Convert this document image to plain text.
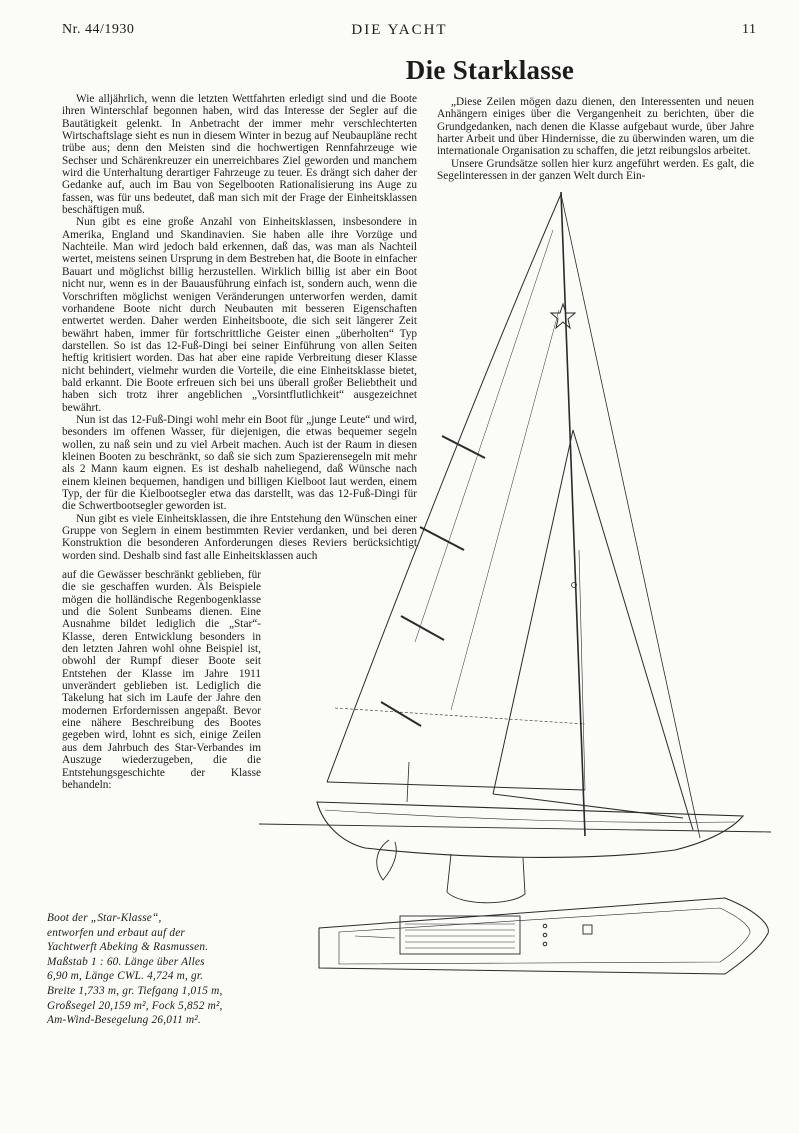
Nr. 44/1930	DIE YACHT	11
Die Starklasse

Wie alljährlich, wenn die letzten Wettfahrten erledigt sind und die Boote ihren Winterschlaf begonnen haben, wird das Interesse der Segler auf die Bautätigkeit gelenkt. In Anbetracht der immer mehr verschlechterten Wirtschaftslage sieht es nun in diesem Winter in bezug auf Neubaupläne recht trübe aus; denn den Meisten sind die hochwertigen Rennfahrzeuge wie Sechser und Schärenkreuzer ein unerreichbares Ziel geworden und manchem wird die Unterhaltung derartiger Fahrzeuge zu teuer. Es drängt sich daher der Gedanke auf, auch im Bau von Segelbooten Rationalisierung ins Auge zu fassen, was für uns bedeutet, daß man sich mit der Frage der Einheitsklassen beschäftigen muß.

Nun gibt es eine große Anzahl von Einheitsklassen, insbesondere in Amerika, England und Skandinavien. Sie haben alle ihre Vorzüge und Nachteile. Man wird jedoch bald erkennen, daß das, was man als Nachteil wertet, meistens seinen Ursprung in dem Bestreben hat, die Boote in einfacher Bauart und möglichst billig herzustellen. Wirklich billig ist aber ein Boot nicht nur, wenn es in der Bauausführung einfach ist, sondern auch, wenn die Vorschriften möglichst wenigen Veränderungen unterworfen werden, damit vorhandene Boote nicht durch Neubauten mit besseren Eigenschaften entwertet werden. Daher werden Einheitsboote, die sich seit längerer Zeit bewährt haben, immer für fortschrittliche Geister einen „überholten“ Typ darstellen. So ist das 12-Fuß-Dingi bei seiner Einführung von allen Seiten heftig kritisiert worden. Das hat aber eine rapide Verbreitung dieser Klasse nicht behindert, vielmehr wurden die Vorteile, die eine Einheitsklasse bietet, bald erkannt. Die Boote erfreuen sich bei uns überall großer Beliebtheit und haben sich trotz ihrer angeblichen „Vorsintflutlichkeit“ ausgezeichnet bewährt.

Nun ist das 12-Fuß-Dingi wohl mehr ein Boot für „junge Leute“ und wird, besonders im offenen Wasser, für diejenigen, die etwas bequemer segeln wollen, zu naß sein und zu viel Arbeit machen. Auch ist der Raum in diesen kleinen Booten zu beschränkt, so daß sie sich zum Spazierensegeln mit mehr als 2 Mann kaum eignen. Es ist deshalb naheliegend, daß Wünsche nach einem kleinen bequemen, handigen und billigen Kielboot laut werden, einem Typ, der für die Kielbootsegler etwa das darstellt, was das 12-Fuß-Dingi für die Schwertbootsegler geworden ist.

Nun gibt es viele Einheitsklassen, die ihre Entstehung den Wünschen einer Gruppe von Seglern in einem bestimmten Revier verdanken, und bei deren Konstruktion die besonderen Anforderungen dieses Reviers berücksichtigt worden sind. Deshalb sind fast alle Einheitsklassen auch

auf die Gewässer beschränkt geblieben, für die sie geschaffen wurden. Als Beispiele mögen die holländische Regenbogenklasse und die Solent Sunbeams dienen. Eine Ausnahme bildet lediglich die „Star“-Klasse, deren Entwicklung besonders in den letzten Jahren wohl ohne Beispiel ist, obwohl der Rumpf dieser Boote seit Entstehen der Klasse im Jahre 1911 unverändert geblieben ist. Lediglich die Takelung hat sich im Laufe der Jahre den modernen Erfordernissen angepaßt. Bevor eine nähere Beschreibung des Bootes gegeben wird, lohnt es sich, einige Zeilen aus dem Jahrbuch des Star-Verbandes im Auszuge wiederzugeben, die die Entstehungsgeschichte der Klasse behandeln:

„Diese Zeilen mögen dazu dienen, den Interessenten und neuen Anhängern einiges über die Vergangenheit zu berichten, über die Grundgedanken, nach denen die Klasse aufgebaut wurde, über Jahre harter Arbeit und über Hindernisse, die zu überwinden waren, um die internationale Organisation zu schaffen, die jetzt reibungslos arbeitet.

Unsere Grundsätze sollen hier kurz angeführt werden. Es galt, die Segelinteressen in der ganzen Welt durch Ein-

Boot der „Star-Klasse“,
entworfen und erbaut auf der
Yachtwerft Abeking & Rasmussen.
Maßstab 1 : 60. Länge über Alles
6,90 m, Länge CWL. 4,724 m, gr.
Breite 1,733 m, gr. Tiefgang 1,015 m,
Großsegel 20,159 m², Fock 5,852 m²,
Am-Wind-Besegelung 26,011 m².
